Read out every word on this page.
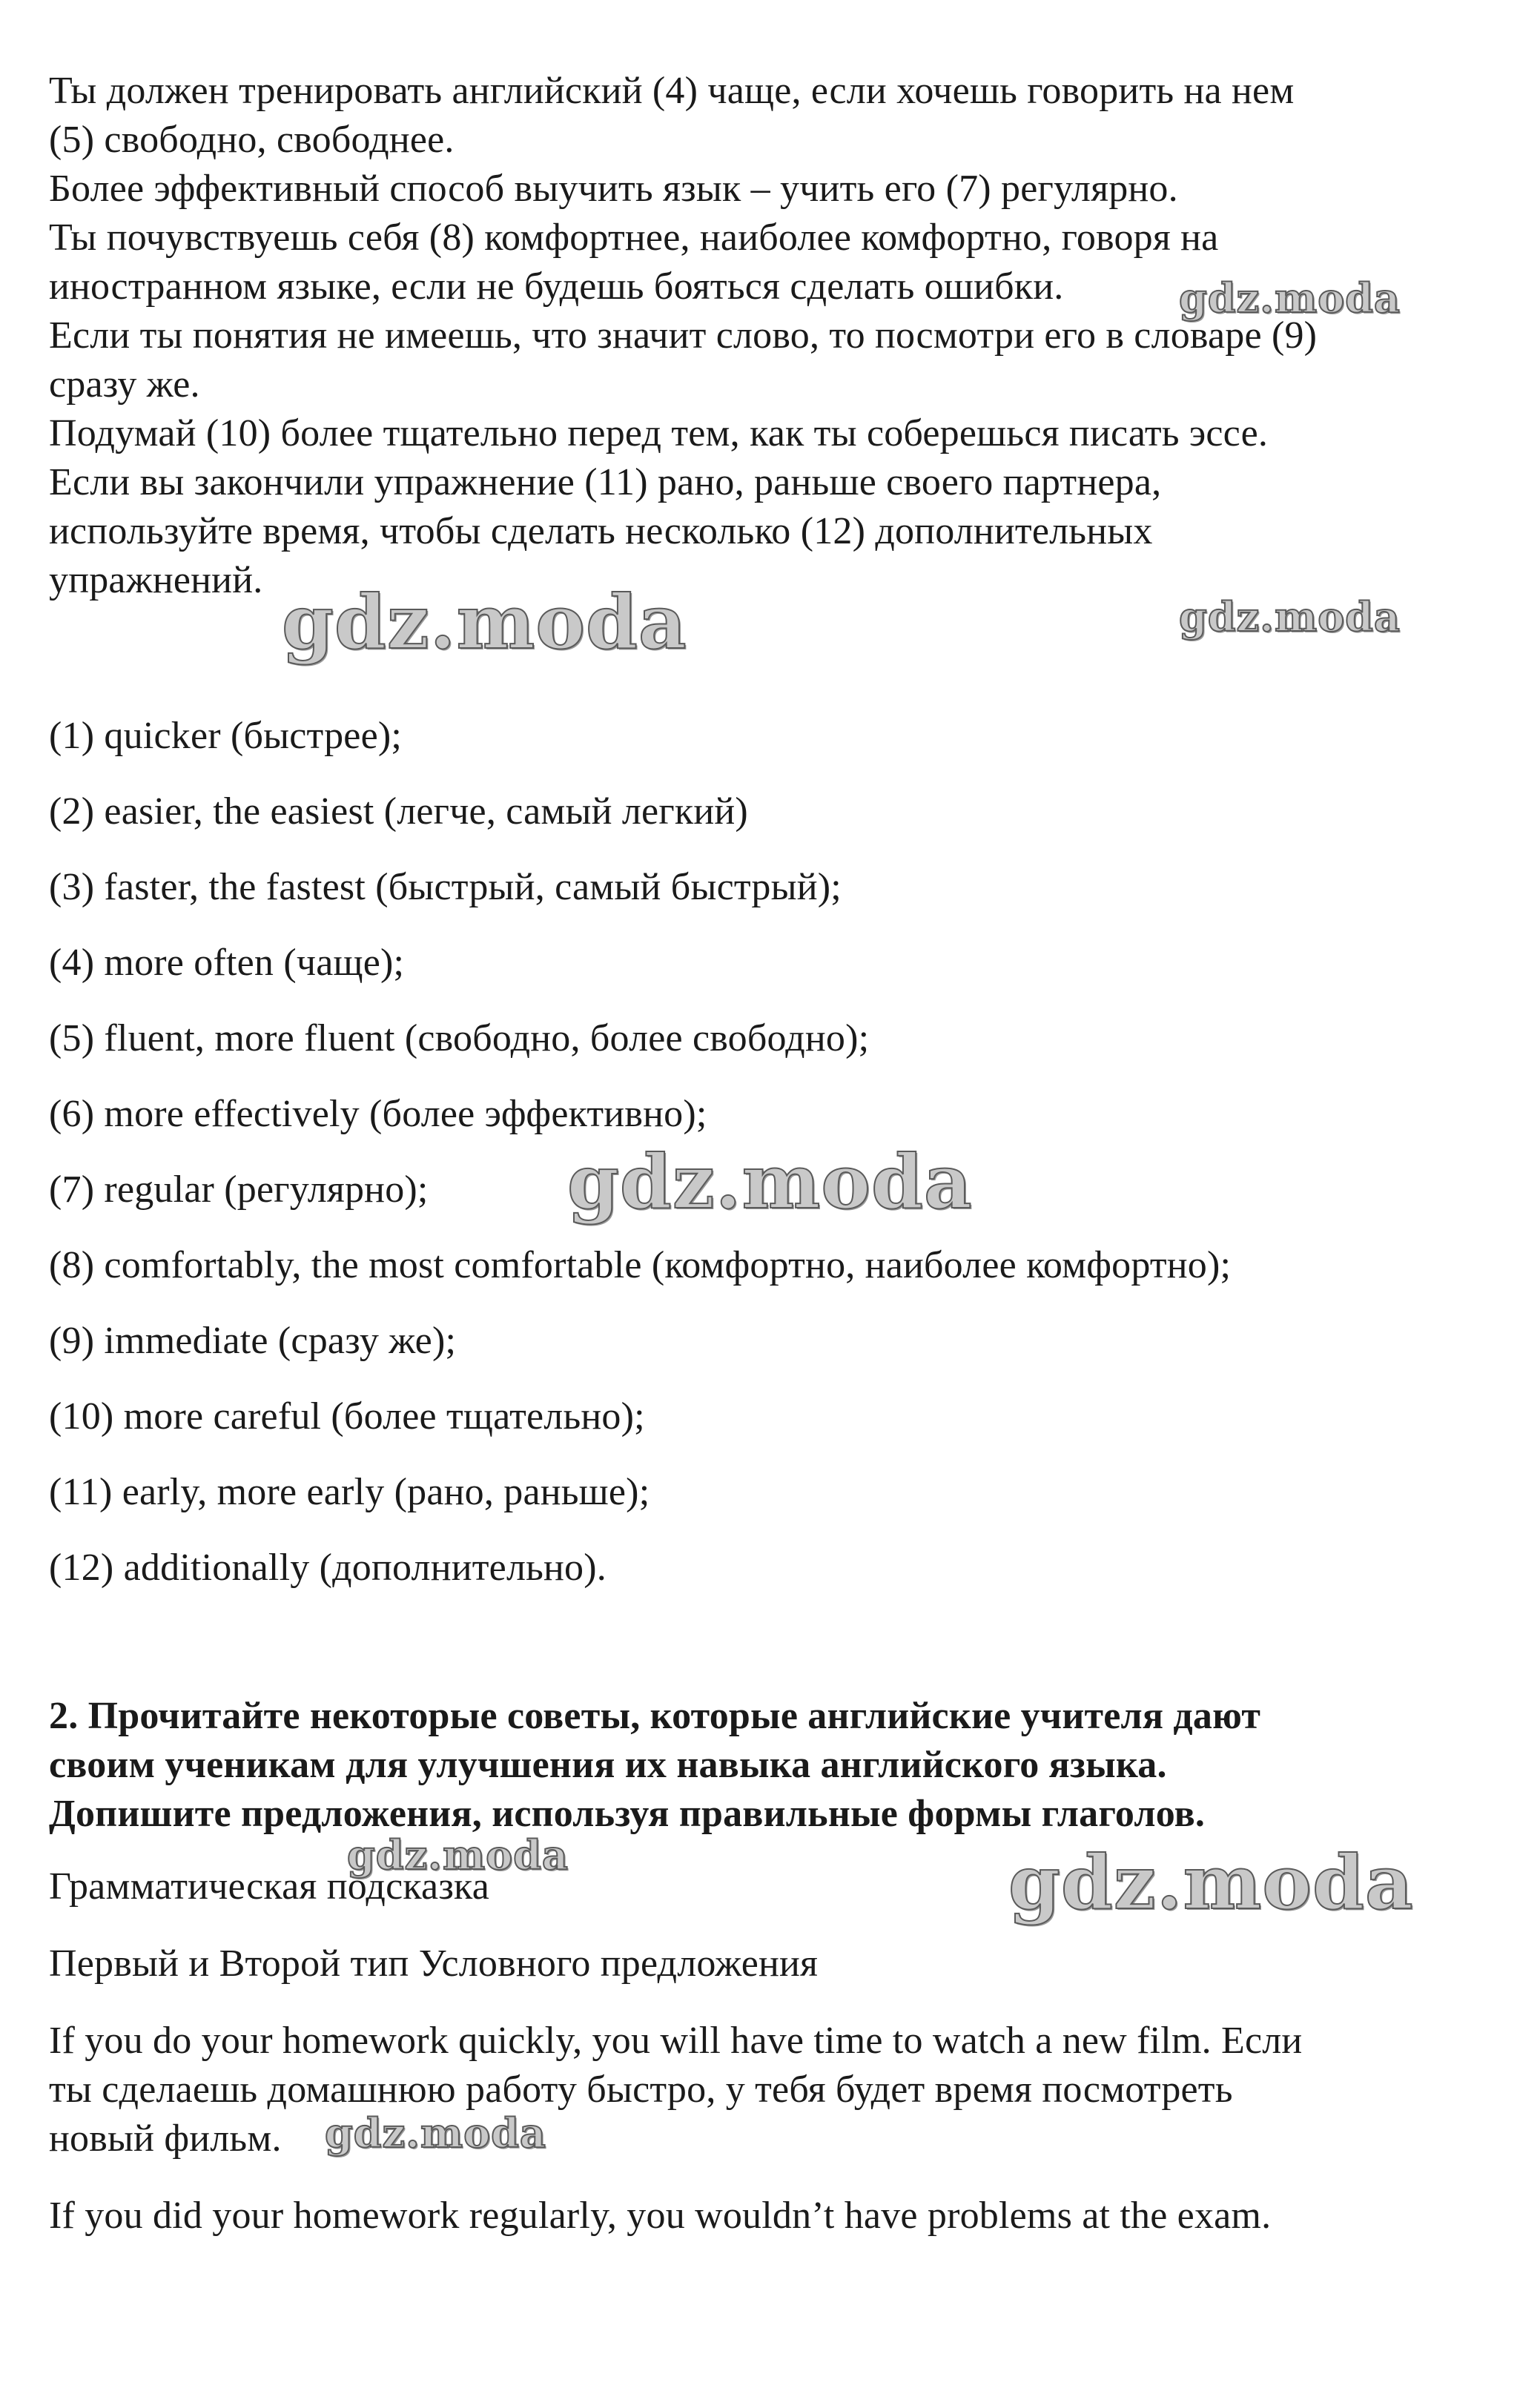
Ты должен тренировать английский (4) чаще, если хочешь говорить на нем
(5) свободно, свободнее.
Более эффективный способ выучить язык – учить его (7) регулярно.
Ты почувствуешь себя (8) комфортнее, наиболее комфортно, говоря на
иностранном языке, если не будешь бояться сделать ошибки.
Если ты понятия не имеешь, что значит слово, то посмотри его в словаре (9)
сразу же.
Подумай (10) более тщательно перед тем, как ты соберешься писать эссе.
Если вы закончили упражнение (11) рано, раньше своего партнера,
используйте время, чтобы сделать несколько (12) дополнительных
упражнений.
(1) quicker (быстрее);
(2) easier, the easiest (легче, самый легкий)
(3) faster, the fastest (быстрый, самый быстрый);
(4) more often (чаще);
(5) fluent, more fluent (свободно, более свободно);
(6) more effectively (более эффективно);
(7) regular (регулярно);
(8) comfortably, the most comfortable (комфортно, наиболее комфортно);
(9) immediate (сразу же);
(10) more careful (более тщательно);
(11) early, more early (рано, раньше);
(12) additionally (дополнительно).
2. Прочитайте некоторые советы, которые английские учителя дают
своим ученикам для улучшения их навыка английского языка.
Допишите предложения, используя правильные формы глаголов.
Грамматическая подсказка
Первый и Второй тип Условного предложения
If you do your homework quickly, you will have time to watch a new film. Если
ты сделаешь домашнюю работу быстро, у тебя будет время посмотреть
новый фильм.
If you did your homework regularly, you wouldn’t have problems at the exam.
gdz.moda
gdz.moda	gdz.moda
gdz.moda
gdz.moda	gdz.moda
gdz.moda
